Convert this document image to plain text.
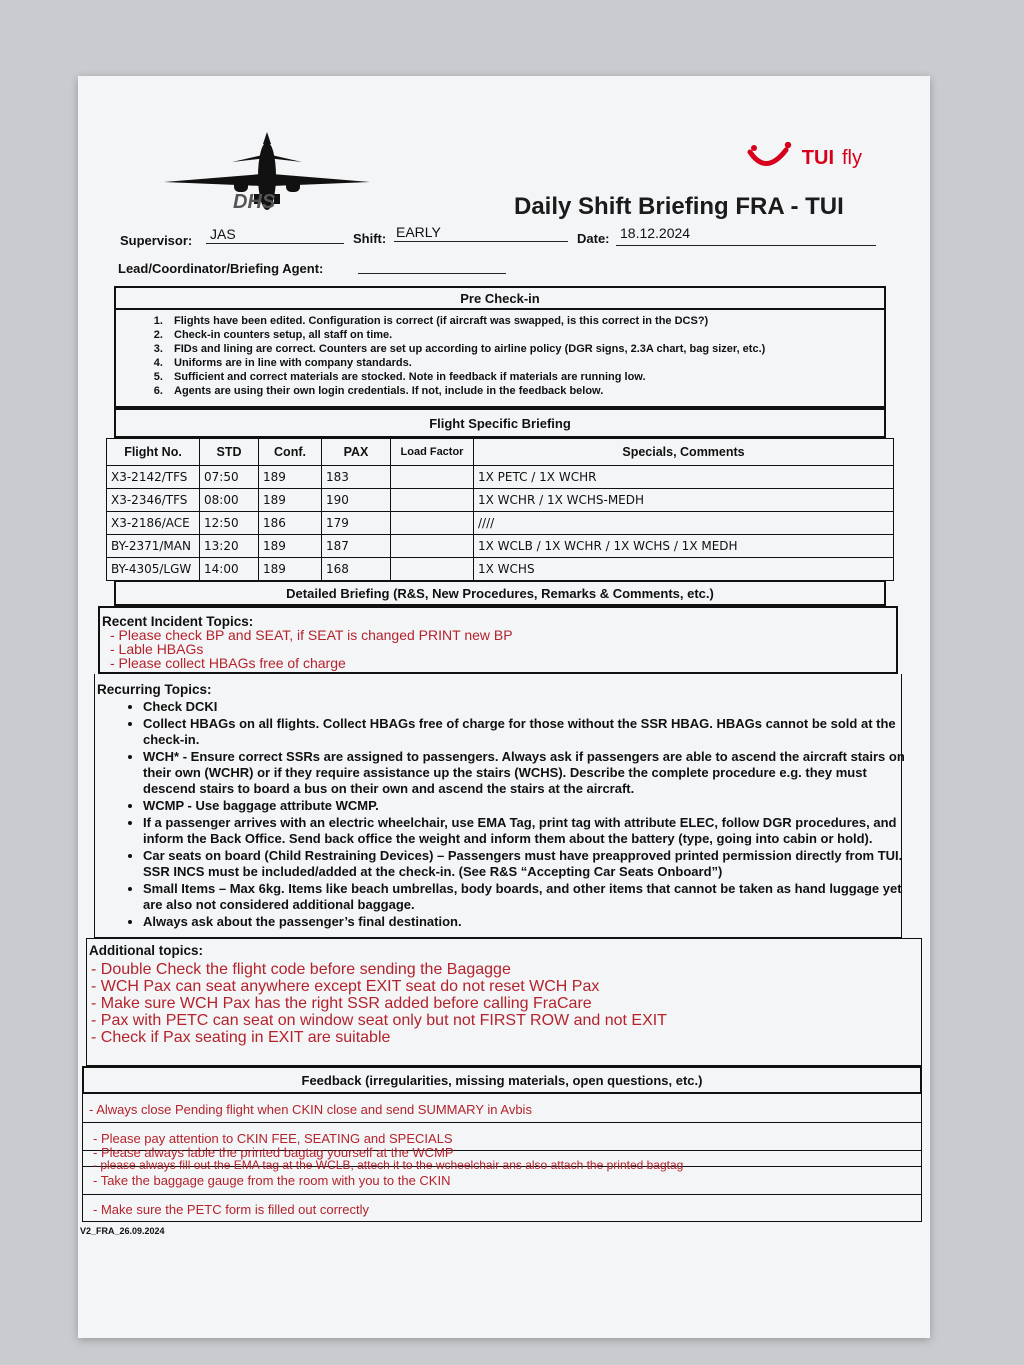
DHS
TUI fly
Daily Shift Briefing FRA - TUI
Supervisor: JAS	Shift: EARLY	Date: 18.12.2024
Lead/Coordinator/Briefing Agent:
Pre Check-in
1. Flights have been edited. Configuration is correct (if aircraft was swapped, is this correct in the DCS?)
2. Check-in counters setup, all staff on time.
3. FIDs and lining are correct. Counters are set up according to airline policy (DGR signs, 2.3A chart, bag sizer, etc.)
4. Uniforms are in line with company standards.
5. Sufficient and correct materials are stocked. Note in feedback if materials are running low.
6. Agents are using their own login credentials. If not, include in the feedback below.
Flight Specific Briefing
Flight No.	STD	Conf.	PAX	Load Factor	Specials, Comments
X3-2142/TFS	07:50	189	183		1X PETC / 1X WCHR
X3-2346/TFS	08:00	189	190		1X WCHR / 1X WCHS-MEDH
X3-2186/ACE	12:50	186	179		////
BY-2371/MAN	13:20	189	187		1X WCLB / 1X WCHR / 1X WCHS / 1X MEDH
BY-4305/LGW	14:00	189	168		1X WCHS
Detailed Briefing (R&S, New Procedures, Remarks & Comments, etc.)
Recent Incident Topics:
- Please check BP and SEAT, if SEAT is changed PRINT new BP
- Lable HBAGs
- Please collect HBAGs free of charge
Recurring Topics:
• Check DCKI
• Collect HBAGs on all flights. Collect HBAGs free of charge for those without the SSR HBAG. HBAGs cannot be sold at the check-in.
• WCH* - Ensure correct SSRs are assigned to passengers. Always ask if passengers are able to ascend the aircraft stairs on their own (WCHR) or if they require assistance up the stairs (WCHS). Describe the complete procedure e.g. they must descend stairs to board a bus on their own and ascend the stairs at the aircraft.
• WCMP - Use baggage attribute WCMP.
• If a passenger arrives with an electric wheelchair, use EMA Tag, print tag with attribute ELEC, follow DGR procedures, and inform the Back Office. Send back office the weight and inform them about the battery (type, going into cabin or hold).
• Car seats on board (Child Restraining Devices) – Passengers must have preapproved printed permission directly from TUI. SSR INCS must be included/added at the check-in. (See R&S “Accepting Car Seats Onboard”)
• Small Items – Max 6kg. Items like beach umbrellas, body boards, and other items that cannot be taken as hand luggage yet are also not considered additional baggage.
• Always ask about the passenger’s final destination.
Additional topics:
- Double Check the flight code before sending the Bagagge
- WCH Pax can seat anywhere except EXIT seat do not reset WCH Pax
- Make sure WCH Pax has the right SSR added before calling FraCare
- Pax with PETC can seat on window seat only but not FIRST ROW and not EXIT
- Check if Pax seating in EXIT are suitable
Feedback (irregularities, missing materials, open questions, etc.)
- Always close Pending flight when CKIN close and send SUMMARY in Avbis
- Please pay attention to CKIN FEE, SEATING and SPECIALS
- Please always lable the printed bagtag yourself at the WCMP
- please always fill out the EMA tag at the WCLB, attech it to the wcheelchair ans also attach the printed bagtag
- Take the baggage gauge from the room with you to the CKIN
- Make sure the PETC form is filled out correctly
V2_FRA_26.09.2024
